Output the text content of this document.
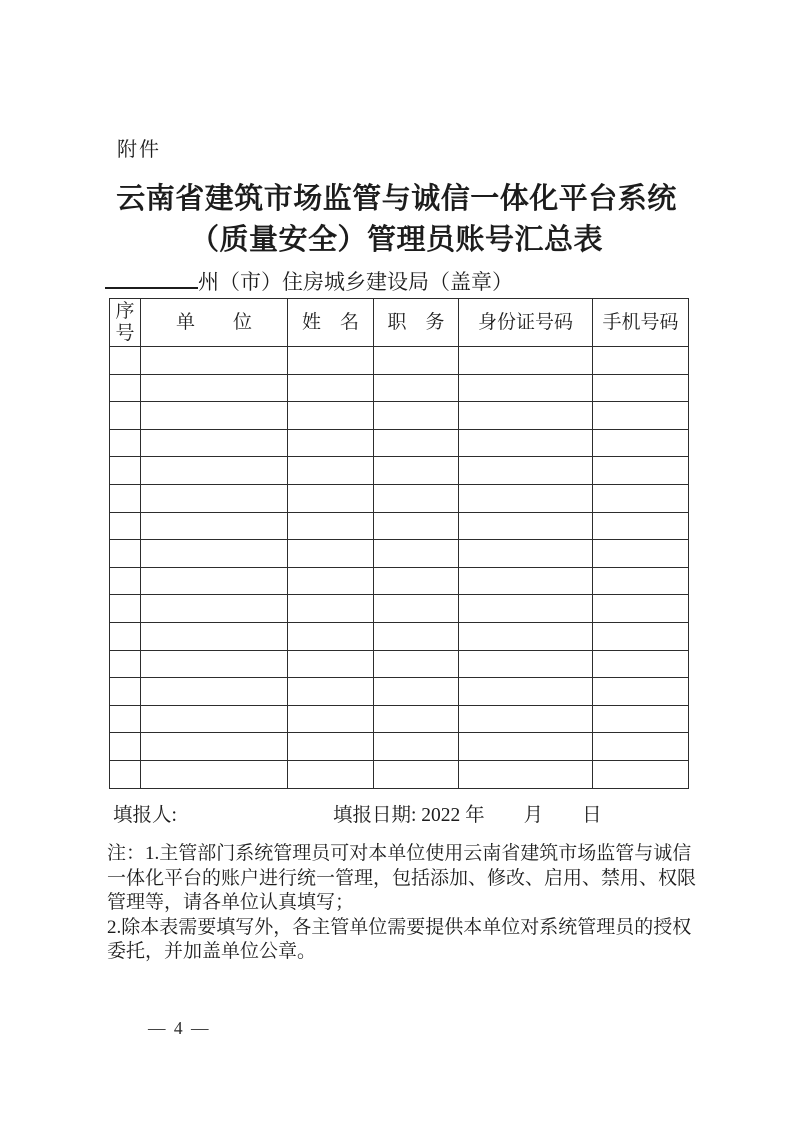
附件
云南省建筑市场监管与诚信一体化平台系统
（质量安全）管理员账号汇总表
州（市）住房城乡建设局（盖章）
序号	单　　位	姓　名	职　务	身份证号码	手机号码

填报人:	填报日期: 2022 年　　月　　日
注：1.主管部门系统管理员可对本单位使用云南省建筑市场监管与诚信
一体化平台的账户进行统一管理，包括添加、修改、启用、禁用、权限
管理等，请各单位认真填写；
2.除本表需要填写外，各主管单位需要提供本单位对系统管理员的授权
委托，并加盖单位公章。
— 4 —
